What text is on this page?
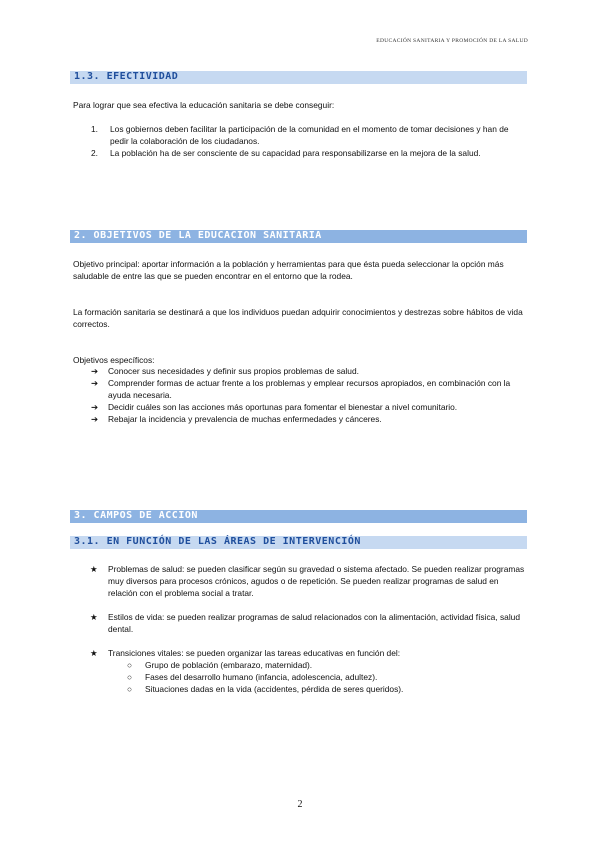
EDUCACIÓN SANITARIA Y PROMOCIÓN DE LA SALUD
1.3. EFECTIVIDAD
Para lograr que sea efectiva la educación sanitaria se debe conseguir:
1. Los gobiernos deben facilitar la participación de la comunidad en el momento de tomar decisiones y han de pedir la colaboración de los ciudadanos.
2. La población ha de ser consciente de su capacidad para responsabilizarse en la mejora de la salud.
2. OBJETIVOS DE LA EDUCACIÓN SANITARIA
Objetivo principal: aportar información a la población y herramientas para que ésta pueda seleccionar la opción más saludable de entre las que se pueden encontrar en el entorno que la rodea.
La formación sanitaria se destinará a que los individuos puedan adquirir conocimientos y destrezas sobre hábitos de vida correctos.
Objetivos específicos:
➔ Conocer sus necesidades y definir sus propios problemas de salud.
➔ Comprender formas de actuar frente a los problemas y emplear recursos apropiados, en combinación con la ayuda necesaria.
➔ Decidir cuáles son las acciones más oportunas para fomentar el bienestar a nivel comunitario.
➔ Rebajar la incidencia y prevalencia de muchas enfermedades y cánceres.
3. CAMPOS DE ACCIÓN
3.1. EN FUNCIÓN DE LAS ÁREAS DE INTERVENCIÓN
★ Problemas de salud: se pueden clasificar según su gravedad o sistema afectado. Se pueden realizar programas muy diversos para procesos crónicos, agudos o de repetición. Se pueden realizar programas de salud en relación con el problema social a tratar.
★ Estilos de vida: se pueden realizar programas de salud relacionados con la alimentación, actividad física, salud dental.
★ Transiciones vitales: se pueden organizar las tareas educativas en función del:
○ Grupo de población (embarazo, maternidad).
○ Fases del desarrollo humano (infancia, adolescencia, adultez).
○ Situaciones dadas en la vida (accidentes, pérdida de seres queridos).
2
